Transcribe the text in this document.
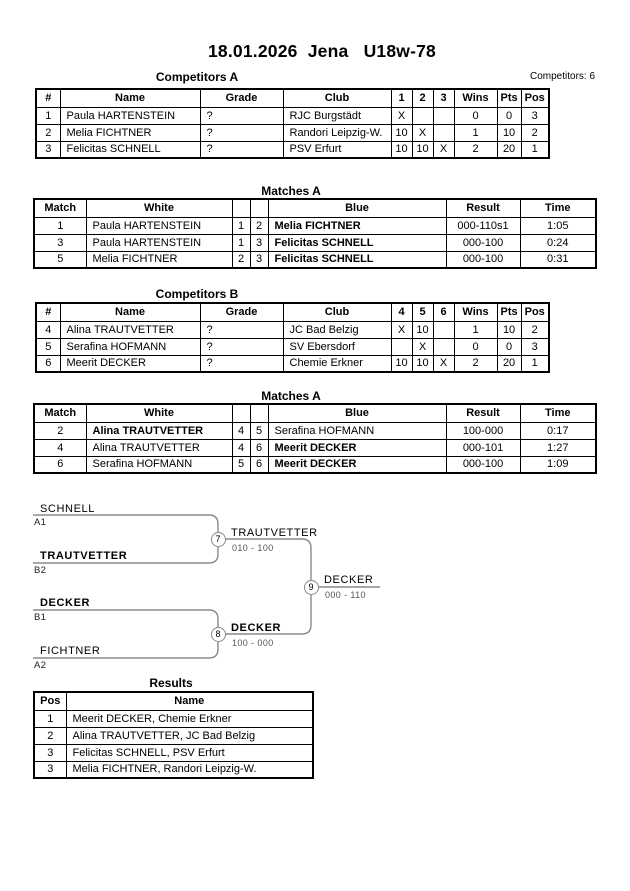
18.01.2026  Jena   U18w-78
Competitors A	Competitors: 6
#	Name	Grade	Club	1	2	3	Wins	Pts	Pos
1	Paula HARTENSTEIN	?	RJC Burgstädt	X			0	0	3
2	Melia FICHTNER	?	Randori Leipzig-W.	10	X		1	10	2
3	Felicitas SCHNELL	?	PSV Erfurt	10	10	X	2	20	1
Matches A
Match	White			Blue	Result	Time
1	Paula HARTENSTEIN	1	2	Melia FICHTNER	000-110s1	1:05
3	Paula HARTENSTEIN	1	3	Felicitas SCHNELL	000-100	0:24
5	Melia FICHTNER	2	3	Felicitas SCHNELL	000-100	0:31
Competitors B
#	Name	Grade	Club	4	5	6	Wins	Pts	Pos
4	Alina TRAUTVETTER	?	JC Bad Belzig	X	10		1	10	2
5	Serafina HOFMANN	?	SV Ebersdorf		X		0	0	3
6	Meerit DECKER	?	Chemie Erkner	10	10	X	2	20	1
Matches A
Match	White			Blue	Result	Time
2	Alina TRAUTVETTER	4	5	Serafina HOFMANN	100-000	0:17
4	Alina TRAUTVETTER	4	6	Meerit DECKER	000-101	1:27
6	Serafina HOFMANN	5	6	Meerit DECKER	000-100	1:09
SCHNELL
A1
TRAUTVETTER
B2
DECKER
B1
FICHTNER
A2
7 TRAUTVETTER
010 - 100
8 DECKER
100 - 000
9
DECKER
000 - 110
Results
Pos	Name
1	Meerit DECKER, Chemie Erkner
2	Alina TRAUTVETTER, JC Bad Belzig
3	Felicitas SCHNELL, PSV Erfurt
3	Melia FICHTNER, Randori Leipzig-W.
